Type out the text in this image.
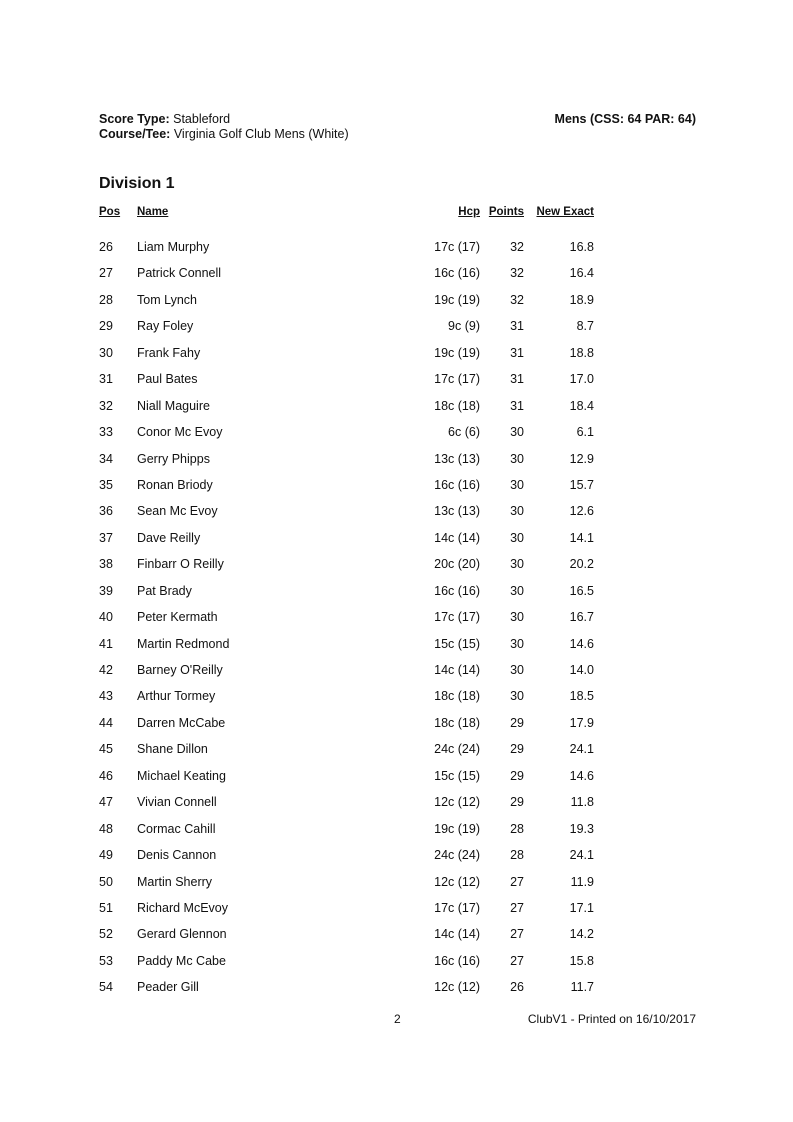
Score Type: Stableford
Course/Tee: Virginia Golf Club Mens (White)
Mens (CSS: 64 PAR: 64)
Division 1
Pos Name	Hcp Points New Exact
26 Liam Murphy	17c (17) 32	16.8
27 Patrick Connell	16c (16) 32	16.4
28 Tom Lynch	19c (19) 32	18.9
29 Ray Foley	9c (9) 31	8.7
30 Frank Fahy	19c (19) 31	18.8
31 Paul Bates	17c (17) 31	17.0
32 Niall Maguire	18c (18) 31	18.4
33 Conor Mc Evoy	6c (6) 30	6.1
34 Gerry Phipps	13c (13) 30	12.9
35 Ronan Briody	16c (16) 30	15.7
36 Sean Mc Evoy	13c (13) 30	12.6
37 Dave Reilly	14c (14) 30	14.1
38 Finbarr O Reilly	20c (20) 30	20.2
39 Pat Brady	16c (16) 30	16.5
40 Peter Kermath	17c (17) 30	16.7
41 Martin Redmond	15c (15) 30	14.6
42 Barney O'Reilly	14c (14) 30	14.0
43 Arthur Tormey	18c (18) 30	18.5
44 Darren McCabe	18c (18) 29	17.9
45 Shane Dillon	24c (24) 29	24.1
46 Michael Keating	15c (15) 29	14.6
47 Vivian Connell	12c (12) 29	11.8
48 Cormac Cahill	19c (19) 28	19.3
49 Denis Cannon	24c (24) 28	24.1
50 Martin Sherry	12c (12) 27	11.9
51 Richard McEvoy	17c (17) 27	17.1
52 Gerard Glennon	14c (14) 27	14.2
53 Paddy Mc Cabe	16c (16) 27	15.8
54 Peader Gill	12c (12) 26	11.7
2	ClubV1 - Printed on 16/10/2017
